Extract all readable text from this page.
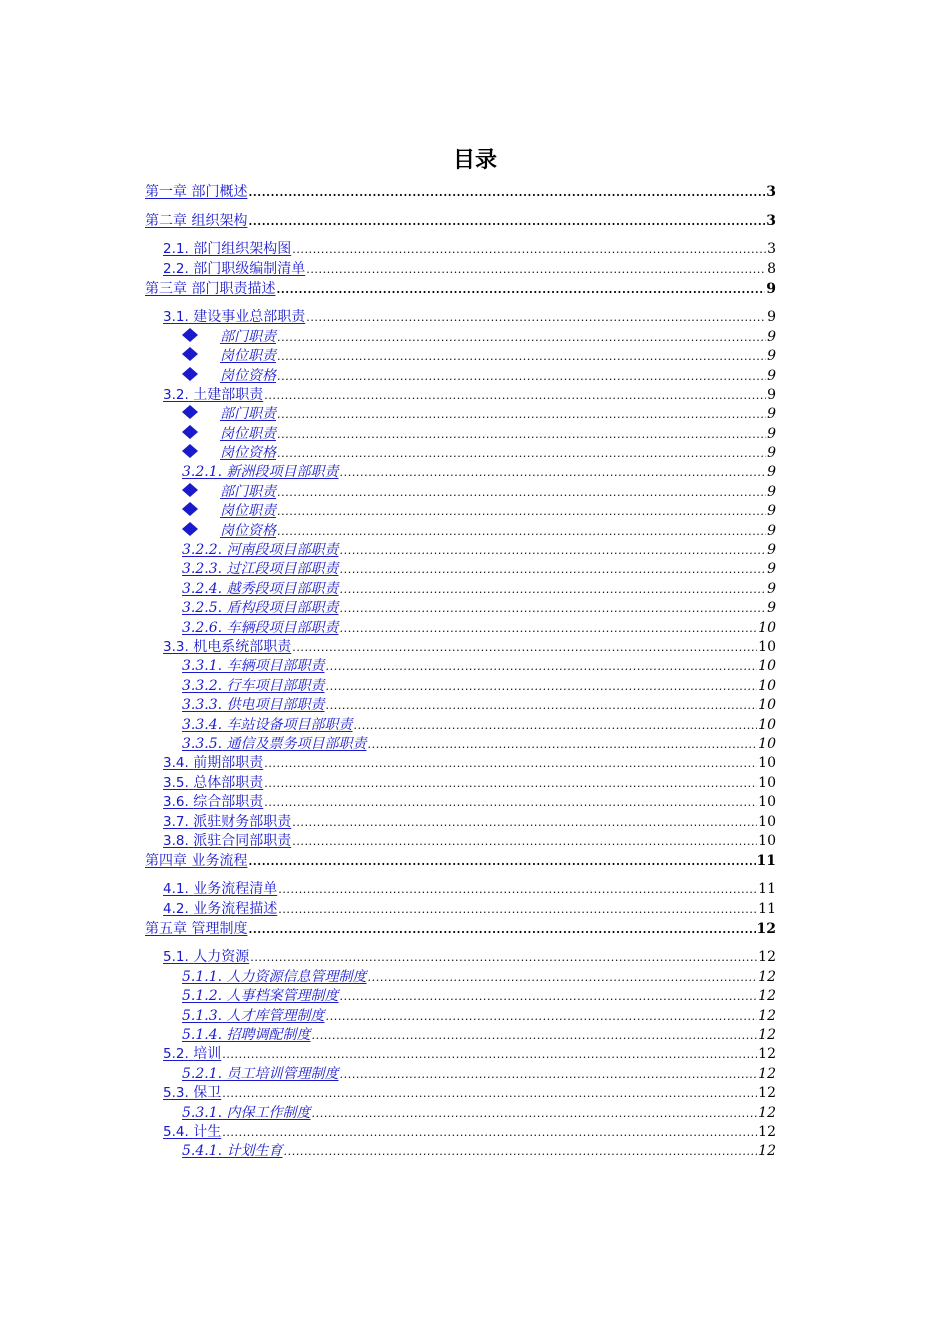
目录
第一章 部门概述 .....	3
第二章 组织架构 .....	3
2.1. 部门组织架构图 .....	3
2.2. 部门职级编制清单 .....	8
第三章 部门职责描述 .....	9
3.1. 建设事业总部职责 .....	9
部门职责 .....	9
岗位职责 .....	9
岗位资格 .....	9
3.2. 土建部职责 .....	9
部门职责 .....	9
岗位职责 .....	9
岗位资格 .....	9
3.2.1. 新洲段项目部职责 .....	9
部门职责 .....	9
岗位职责 .....	9
岗位资格 .....	9
3.2.2. 河南段项目部职责 .....	9
3.2.3. 过江段项目部职责 .....	9
3.2.4. 越秀段项目部职责 .....	9
3.2.5. 盾构段项目部职责 .....	9
3.2.6. 车辆段项目部职责 .....	10
3.3. 机电系统部职责 .....	10
3.3.1. 车辆项目部职责 .....	10
3.3.2. 行车项目部职责 .....	10
3.3.3. 供电项目部职责 .....	10
3.3.4. 车站设备项目部职责 .....	10
3.3.5. 通信及票务项目部职责 .....	10
3.4. 前期部职责 .....	10
3.5. 总体部职责 .....	10
3.6. 综合部职责 .....	10
3.7. 派驻财务部职责 .....	10
3.8. 派驻合同部职责 .....	10
第四章 业务流程 .....	11
4.1. 业务流程清单 .....	11
4.2. 业务流程描述 .....	11
第五章 管理制度 .....	12
5.1. 人力资源 .....	12
5.1.1. 人力资源信息管理制度 .....	12
5.1.2. 人事档案管理制度 .....	12
5.1.3. 人才库管理制度 .....	12
5.1.4. 招聘调配制度 .....	12
5.2. 培训 .....	12
5.2.1. 员工培训管理制度 .....	12
5.3. 保卫 .....	12
5.3.1. 内保工作制度 .....	12
5.4. 计生 .....	12
5.4.1. 计划生育 .....	12
